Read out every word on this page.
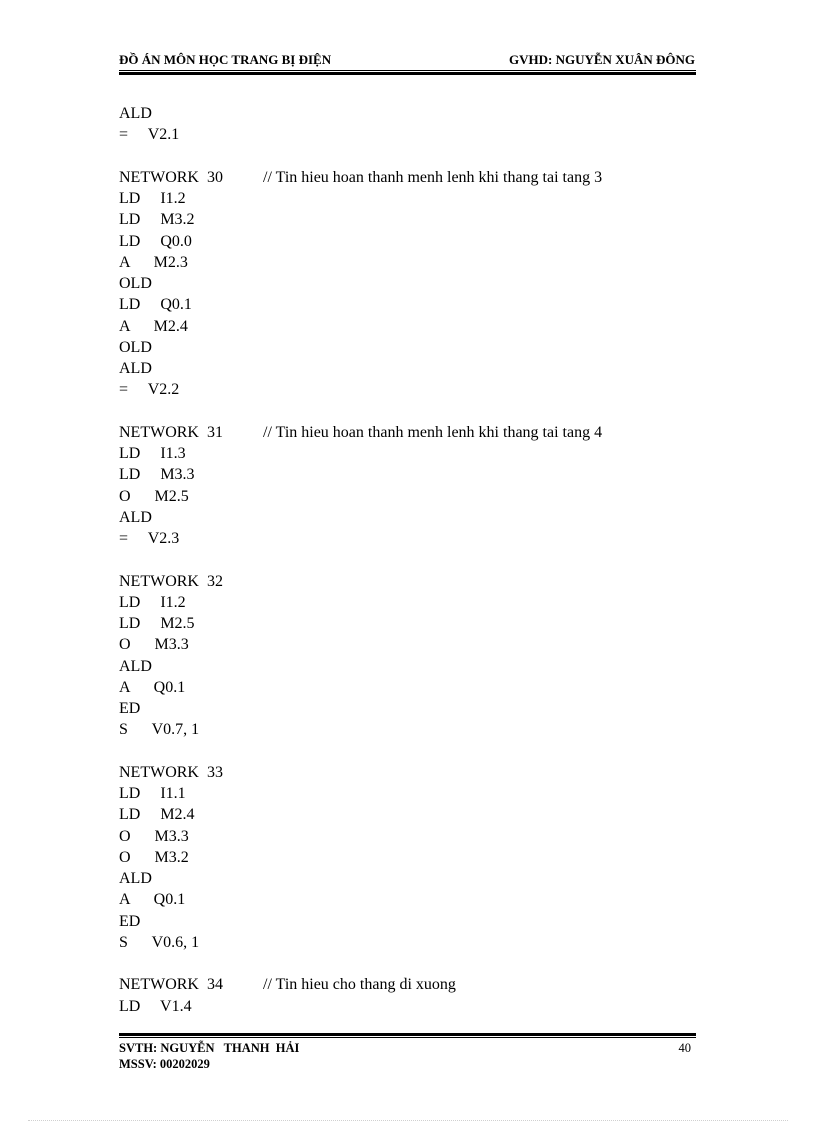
ĐỒ ÁN MÔN HỌC TRANG BỊ ĐIỆN	GVHD: NGUYỄN XUÂN ĐÔNG
ALD
=     V2.1
NETWORK  30	// Tin hieu hoan thanh menh lenh khi thang tai tang 3
LD     I1.2
LD     M3.2
LD     Q0.0
A      M2.3
OLD
LD     Q0.1
A      M2.4
OLD
ALD
=     V2.2
NETWORK  31	// Tin hieu hoan thanh menh lenh khi thang tai tang 4
LD     I1.3
LD     M3.3
O      M2.5
ALD
=     V2.3
NETWORK  32
LD     I1.2
LD     M2.5
O      M3.3
ALD
A      Q0.1
ED
S      V0.7, 1
NETWORK  33
LD     I1.1
LD     M2.4
O      M3.3
O      M3.2
ALD
A      Q0.1
ED
S      V0.6, 1
NETWORK  34	// Tin hieu cho thang di xuong
LD     V1.4
SVTH: NGUYỄN   THANH  HẢI
MSSV: 00202029
40
